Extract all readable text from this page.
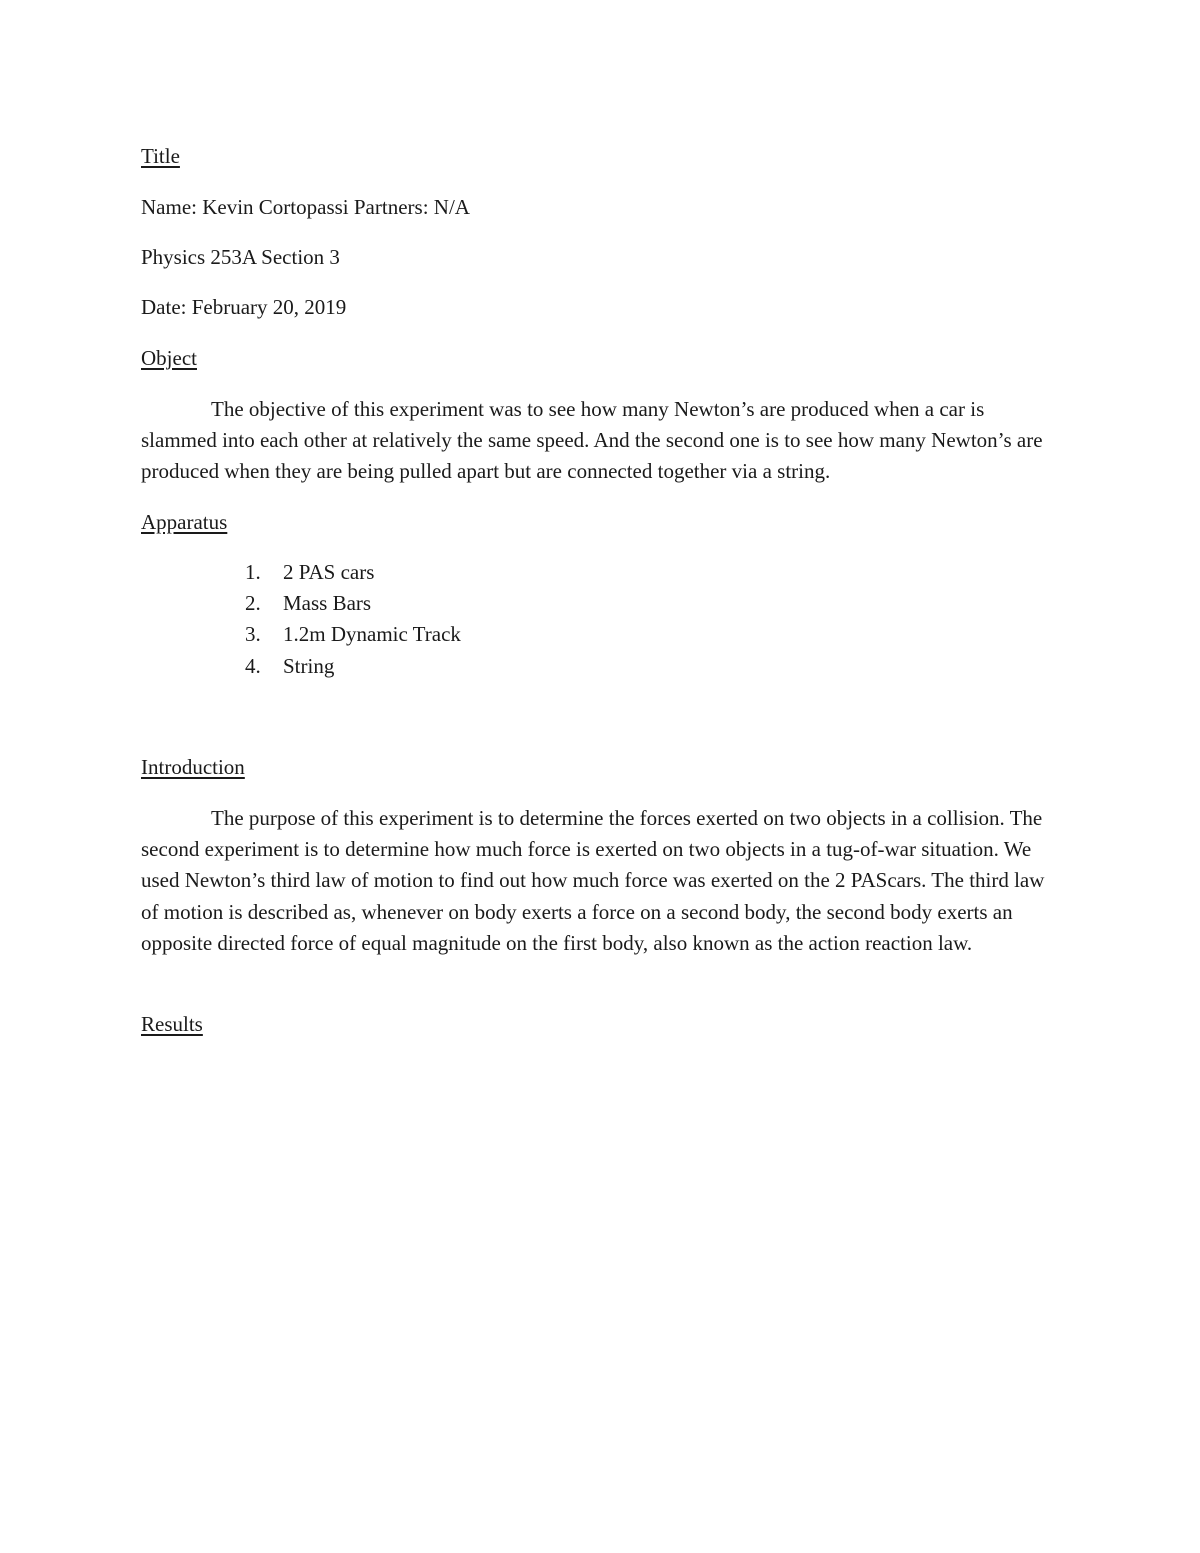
Title
Name: Kevin Cortopassi Partners: N/A
Physics 253A Section 3
Date: February 20, 2019
Object

The objective of this experiment was to see how many Newton’s are produced when a car is slammed into each other at relatively the same speed. And the second one is to see how many Newton’s are produced when they are being pulled apart but are connected together via a string.

Apparatus
1.	2 PAS cars
2.	Mass Bars
3.	1.2m Dynamic Track
4.	String
Introduction

The purpose of this experiment is to determine the forces exerted on two objects in a collision. The second experiment is to determine how much force is exerted on two objects in a tug-of-war situation. We used Newton’s third law of motion to find out how much force was exerted on the 2 PAScars. The third law of motion is described as, whenever on body exerts a force on a second body, the second body exerts an opposite directed force of equal magnitude on the first body, also known as the action reaction law.

Results
